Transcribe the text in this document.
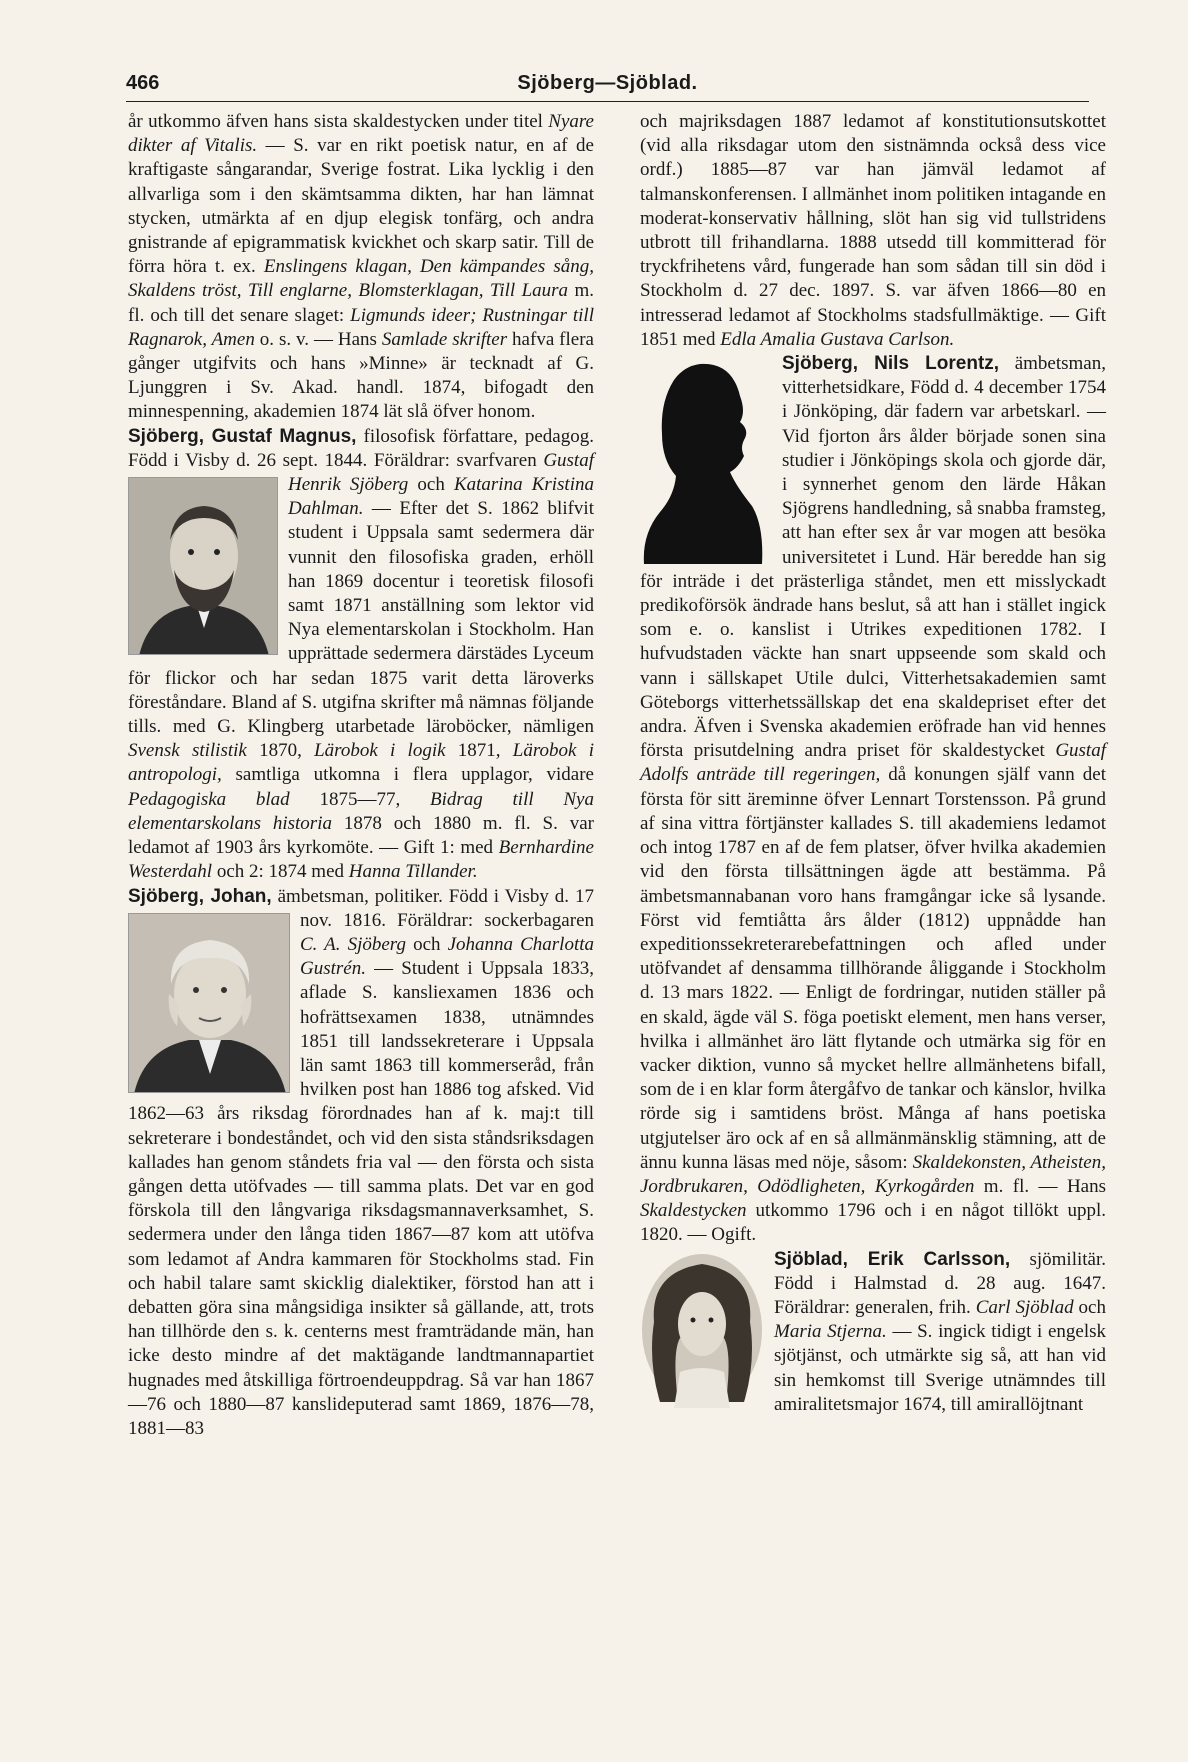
466	Sjöberg—Sjöblad.

år utkommo äfven hans sista skaldestycken under titel Nyare dikter af Vitalis. — S. var en rikt poetisk natur, en af de kraftigaste sångarandar, Sverige fostrat. Lika lycklig i den allvarliga som i den skämtsamma dikten, har han lämnat stycken, utmärkta af en djup elegisk tonfärg, och andra gnistrande af epigrammatisk kvickhet och skarp satir. Till de förra höra t. ex. Enslingens klagan, Den kämpandes sång, Skaldens tröst, Till englarne, Blomsterklagan, Till Laura m. fl. och till det senare slaget: Ligmunds ideer; Rustningar till Ragnarok, Amen o. s. v. — Hans Samlade skrifter hafva flera gånger utgifvits och hans »Minne» är tecknadt af G. Ljunggren i Sv. Akad. handl. 1874, bifogadt den minnespenning, akademien 1874 lät slå öfver honom.

Sjöberg, Gustaf Magnus, filosofisk författare, pedagog. Född i Visby d. 26 sept. 1844. Föräldrar: svarfvaren
Gustaf Henrik Sjöberg och Katarina Kristina Dahlman. — Efter det S. 1862 blifvit student i Uppsala samt sedermera där vunnit den filosofiska graden, erhöll han 1869 docentur i teoretisk filosofi samt 1871 anställning som lektor vid Nya elementarskolan i Stockholm. Han upprättade sedermera därstädes Lyceum för flickor och har sedan 1875 varit detta läroverks föreståndare. Bland af S. utgifna skrifter må nämnas följande tills. med G. Klingberg utarbetade läroböcker, nämligen Svensk stilistik 1870, Lärobok i logik 1871, Lärobok i antropologi, samtliga utkomna i flera upplagor, vidare Pedagogiska blad 1875—77, Bidrag till Nya elementarskolans historia 1878 och 1880 m. fl. S. var ledamot af 1903 års kyrkomöte. — Gift 1: med Bernhardine Westerdahl och 2: 1874 med Hanna Tillander.

Sjöberg, Johan, ämbetsman, politiker. Född i Visby d. 17 nov. 1816. Föräldrar: sockerbagaren
C. A. Sjöberg och Johanna Charlotta Gustrén. — Student i Uppsala 1833, aflade S. kansliexamen 1836 och hofrättsexamen 1838, utnämndes 1851 till landssekreterare i Uppsala län samt 1863 till kommerseråd, från hvilken post han 1886 tog afsked. Vid 1862—63 års riksdag förordnades han af k. maj:t till sekreterare i bondeståndet, och vid den sista ståndsriksdagen kallades han genom ståndets fria val — den första och sista gången detta utöfvades — till samma plats. Det var en god förskola till den långvariga riksdagsmannaverksamhet, S. sedermera under den långa tiden 1867—87 kom att utöfva som ledamot af Andra kammaren för Stockholms stad. Fin och habil talare samt skicklig dialektiker, förstod han att i debatten göra sina mångsidiga insikter så gällande, att, trots han tillhörde den s. k. centerns mest framträdande män, han icke desto mindre af det maktägande landtmannapartiet hugnades med åtskilliga förtroendeuppdrag. Så var han 1867—76 och 1880—87 kanslideputerad samt 1869, 1876—78, 1881—83

och majriksdagen 1887 ledamot af konstitutionsutskottet (vid alla riksdagar utom den sistnämnda också dess vice ordf.) 1885—87 var han jämväl ledamot af talmanskonferensen. I allmänhet inom politiken intagande en moderat-konservativ hållning, slöt han sig vid tullstridens utbrott till frihandlarna. 1888 utsedd till kommitterad för tryckfrihetens vård, fungerade han som sådan till sin död i Stockholm d. 27 dec. 1897. S. var äfven 1866—80 en intresserad ledamot af Stockholms stadsfullmäktige. — Gift 1851 med Edla Amalia Gustava Carlson.

Sjöberg, Nils Lorentz,
ämbetsman, vitterhetsidkare, Född d. 4 december 1754 i Jönköping, där fadern var arbetskarl. — Vid fjorton års ålder började sonen sina studier i Jönköpings skola och gjorde där, i synnerhet genom den lärde Håkan Sjögrens handledning, så snabba framsteg, att han efter sex år var mogen att besöka universitetet i Lund. Här beredde han sig för inträde i det prästerliga ståndet, men ett misslyckadt predikoförsök ändrade hans beslut, så att han i stället ingick som e. o. kanslist i Utrikes expeditionen 1782. I hufvudstaden väckte han snart uppseende som skald och vann i sällskapet Utile dulci, Vitterhetsakademien samt Göteborgs vitterhetssällskap det ena skaldepriset efter det andra. Äfven i Svenska akademien eröfrade han vid hennes första prisutdelning andra priset för skaldestycket Gustaf Adolfs anträde till regeringen, då konungen själf vann det första för sitt äreminne öfver Lennart Torstensson. På grund af sina vittra förtjänster kallades S. till akademiens ledamot och intog 1787 en af de fem platser, öfver hvilka akademien vid den första tillsättningen ägde att bestämma. På ämbetsmannabanan voro hans framgångar icke så lysande. Först vid femtiåtta års ålder (1812) uppnådde han expeditionssekreterarebefattningen och afled under utöfvandet af densamma tillhörande åliggande i Stockholm d. 13 mars 1822. — Enligt de fordringar, nutiden ställer på en skald, ägde väl S. föga poetiskt element, men hans verser, hvilka i allmänhet äro lätt flytande och utmärka sig för en vacker diktion, vunno så mycket hellre allmänhetens bifall, som de i en klar form återgåfvo de tankar och känslor, hvilka rörde sig i samtidens bröst. Många af hans poetiska utgjutelser äro ock af en så allmänmänsklig stämning, att de ännu kunna läsas med nöje, såsom: Skaldekonsten, Atheisten, Jordbrukaren, Odödligheten, Kyrkogården m. fl. — Hans Skaldestycken utkommo 1796 och i en något tillökt uppl. 1820. — Ogift.

Sjöblad, Erik Carlsson,
sjömilitär. Född i Halmstad d. 28 aug. 1647. Föräldrar: generalen, frih. Carl Sjöblad och Maria Stjerna. — S. ingick tidigt i engelsk sjötjänst, och utmärkte sig så, att han vid sin hemkomst till Sverige utnämndes till amiralitetsmajor 1674, till amirallöjtnant
